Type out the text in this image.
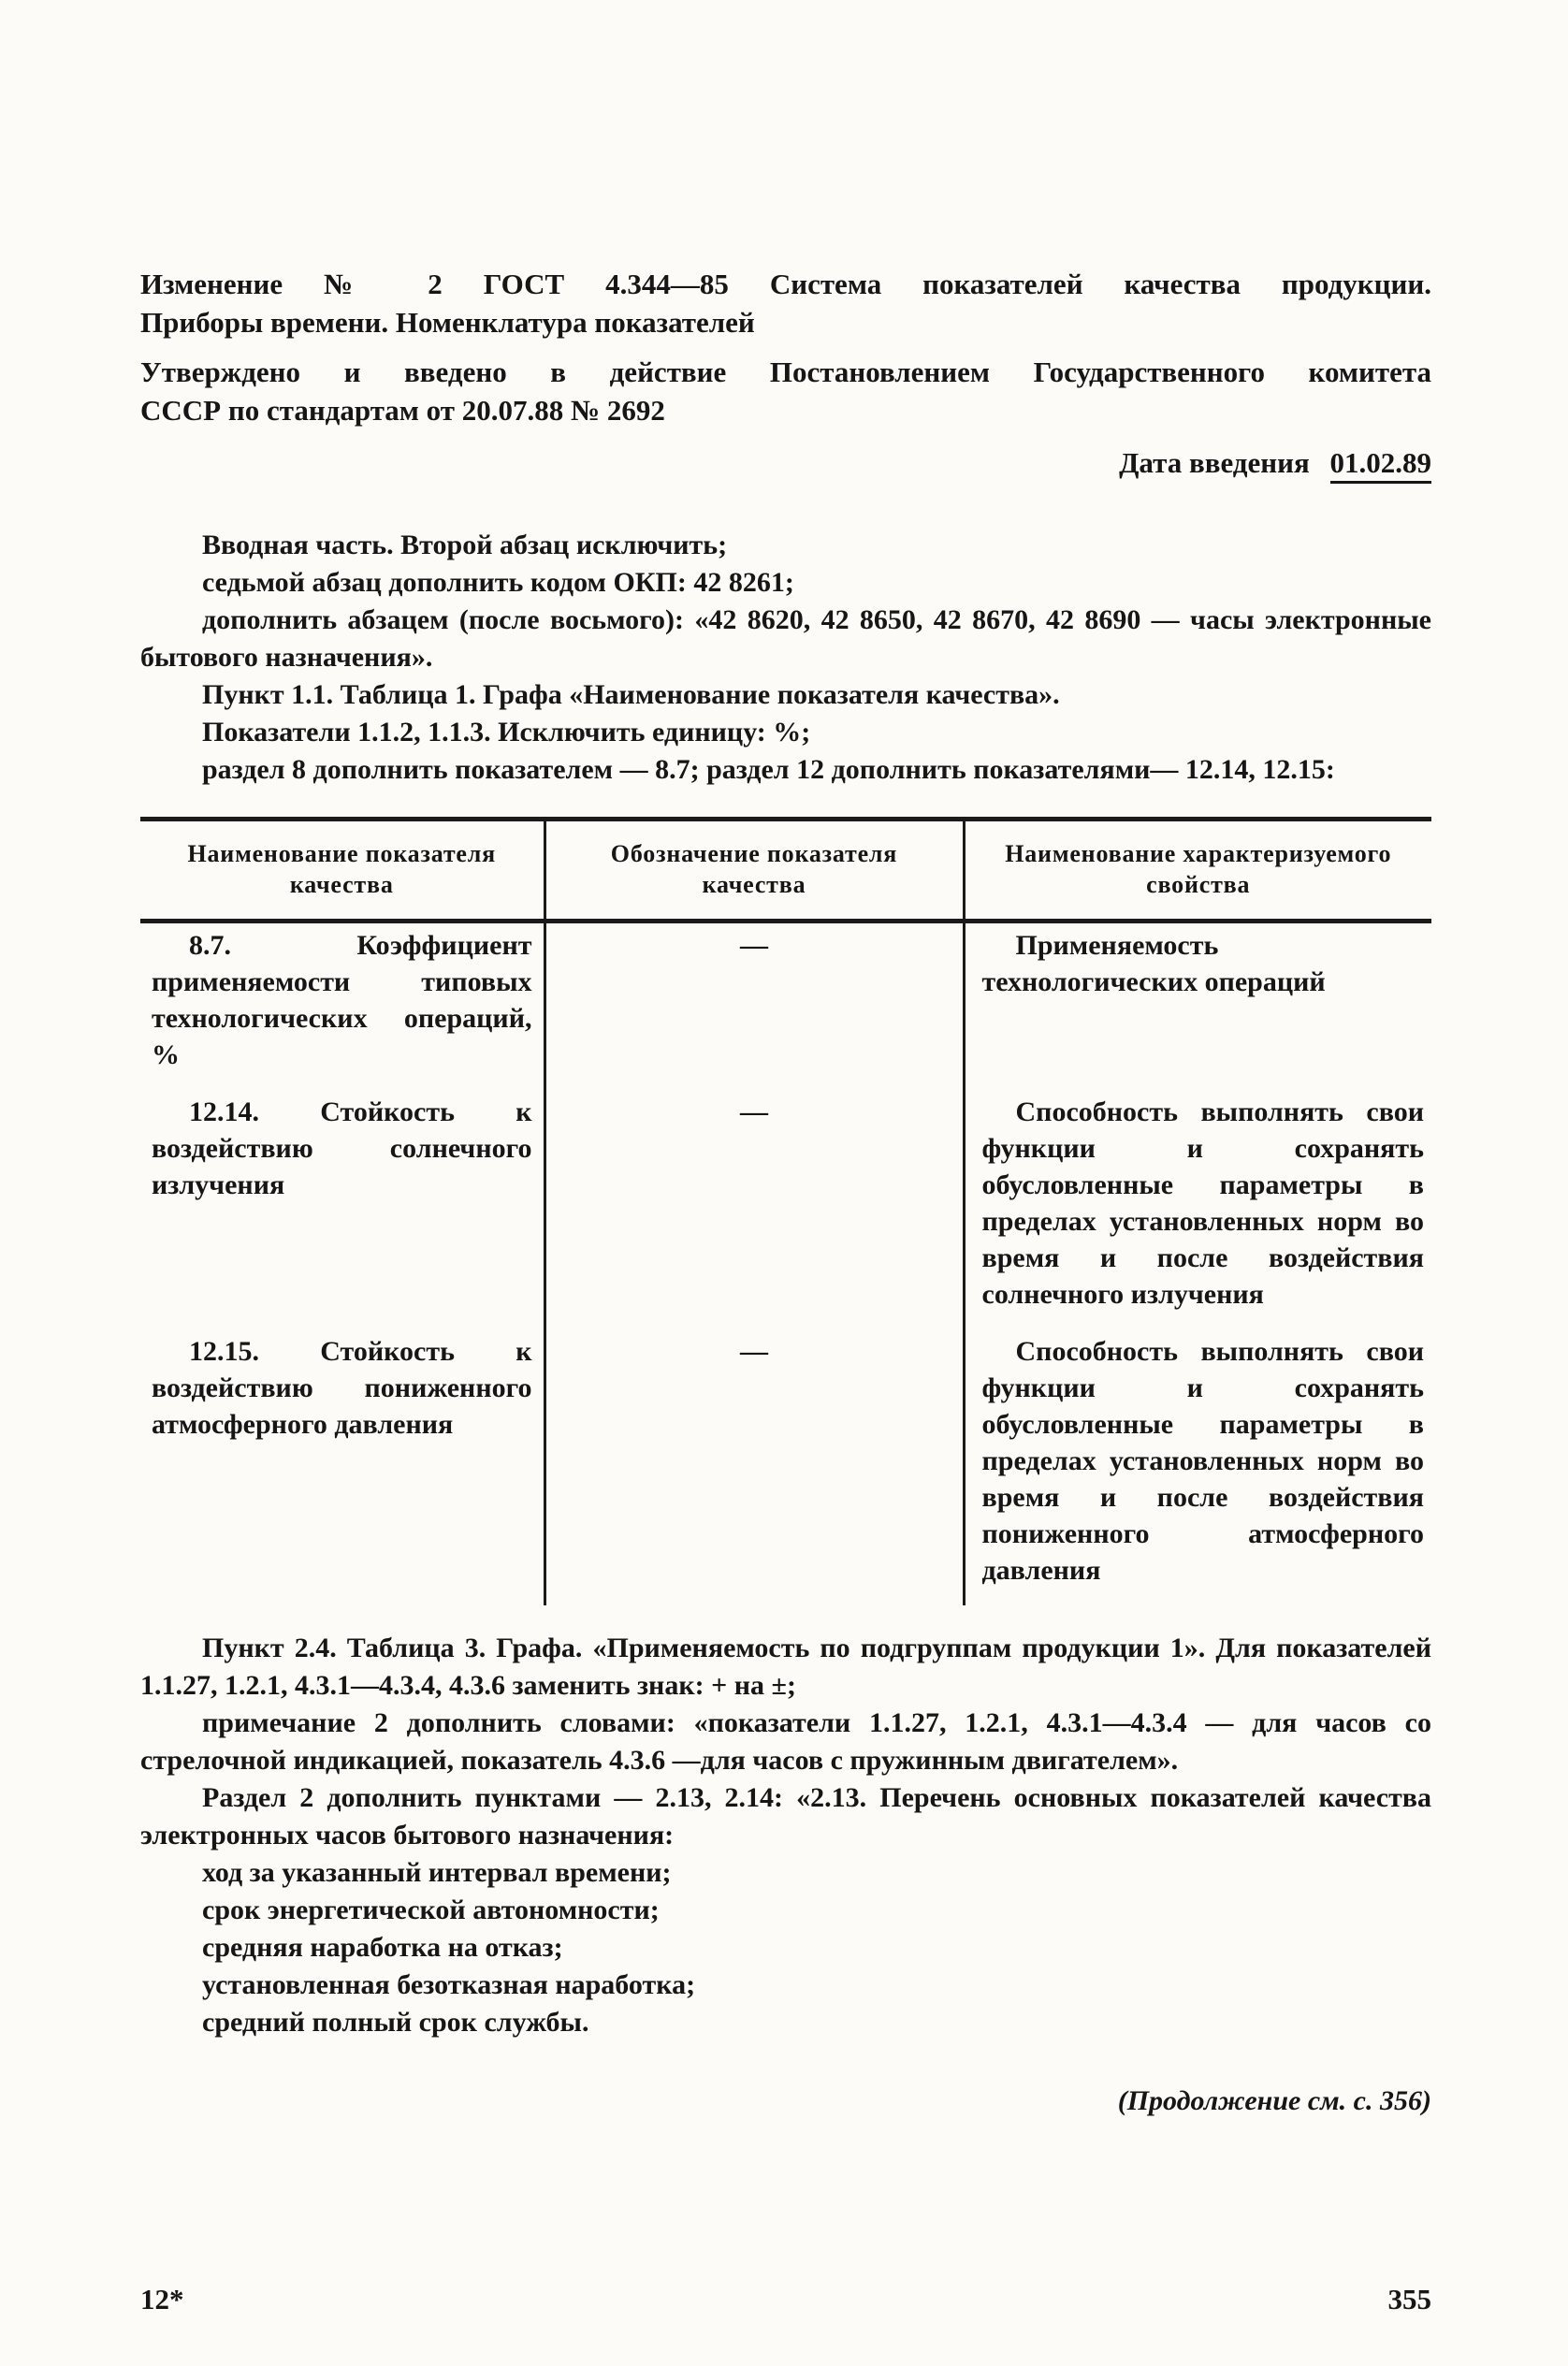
Изменение № 2 ГОСТ 4.344—85 Система показателей качества продукции.

Приборы времени. Номенклатура показателей

Утверждено и введено в действие Постановлением Государственного комитета

СССР по стандартам от 20.07.88 № 2692

Дата введения 01.02.89

Вводная часть. Второй абзац исключить;

седьмой абзац дополнить кодом ОКП: 42 8261;

дополнить абзацем (после восьмого): «42 8620, 42 8650, 42 8670, 42 8690 — часы электронные бытового назначения».

Пункт 1.1. Таблица 1. Графа «Наименование показателя качества».

Показатели 1.1.2, 1.1.3. Исключить единицу: %;

раздел 8 дополнить показателем — 8.7; раздел 12 дополнить показателями— 12.14, 12.15:

Наименование показателя качества	Обозначение показателя качества	Наименование характеризуемого свойства
8.7. Коэффициент применяемости типовых технологических операций, %	—	Применяемость технологических операций
12.14. Стойкость к воздействию солнечного излучения	—	Способность выполнять свои функции и сохранять обусловленные параметры в пределах установленных норм во время и после воздействия солнечного излучения
12.15. Стойкость к воздействию пониженного атмосферного давления	—	Способность выполнять свои функции и сохранять обусловленные параметры в пределах установленных норм во время и после воздействия пониженного атмосферного давления

Пункт 2.4. Таблица 3. Графа. «Применяемость по подгруппам продукции 1». Для показателей 1.1.27, 1.2.1, 4.3.1—4.3.4, 4.3.6 заменить знак: + на ±;

примечание 2 дополнить словами: «показатели 1.1.27, 1.2.1, 4.3.1—4.3.4 — для часов со стрелочной индикацией, показатель 4.3.6 —для часов с пружинным двигателем».

Раздел 2 дополнить пунктами — 2.13, 2.14: «2.13. Перечень основных показателей качества электронных часов бытового назначения:

ход за указанный интервал времени;

срок энергетической автономности;

средняя наработка на отказ;

установленная безотказная наработка;

средний полный срок службы.

(Продолжение см. с. 356)

12*	355
